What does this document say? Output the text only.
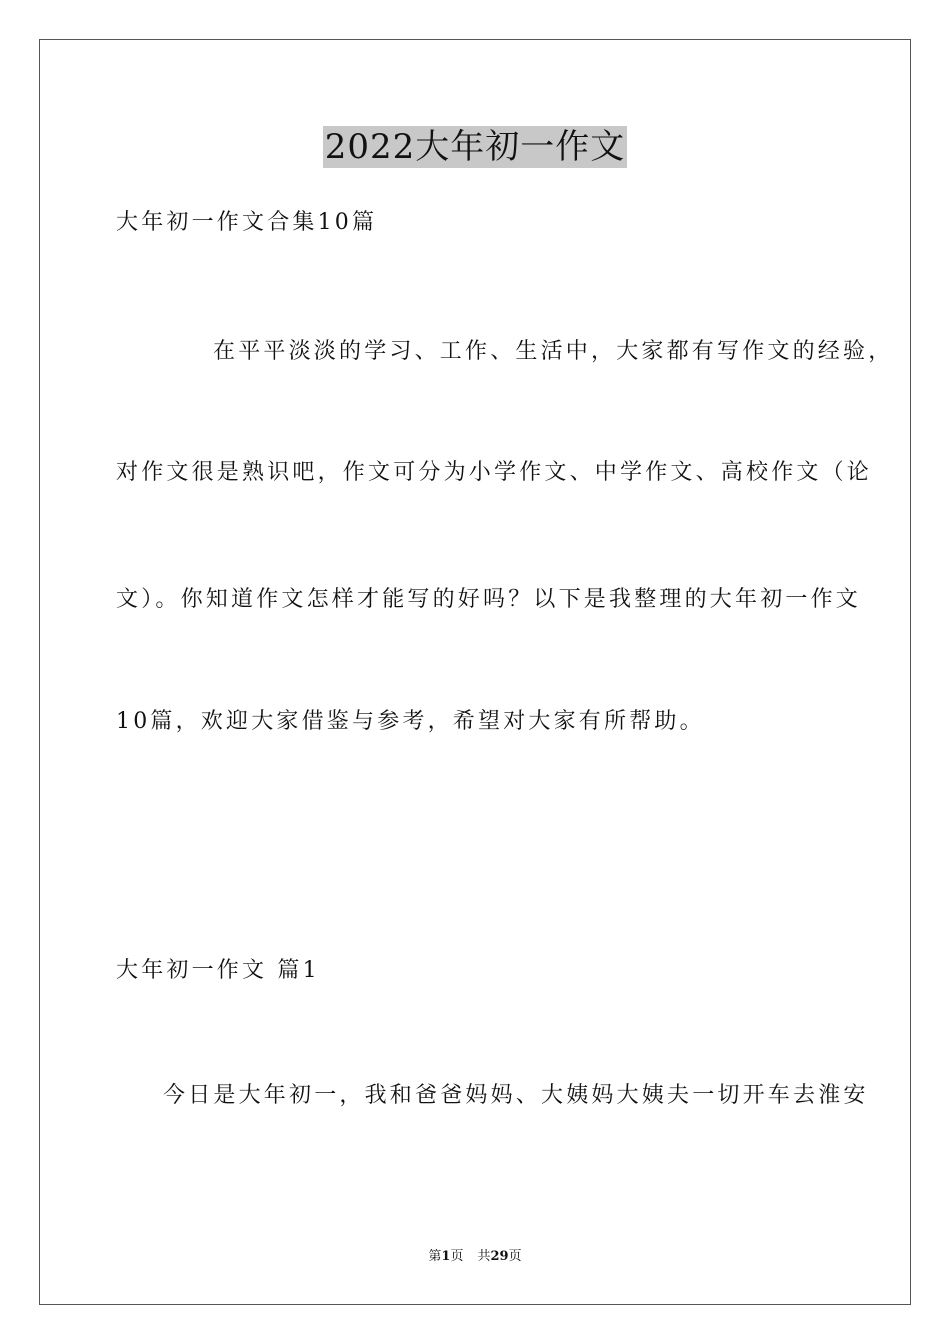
2022大年初一作文
大年初一作文合集10篇
在平平淡淡的学习、工作、生活中，大家都有写作文的经验，
对作文很是熟识吧，作文可分为小学作文、中学作文、高校作文（论
文）。你知道作文怎样才能写的好吗？以下是我整理的大年初一作文
10篇，欢迎大家借鉴与参考，希望对大家有所帮助。
大年初一作文 篇1
今日是大年初一，我和爸爸妈妈、大姨妈大姨夫一切开车去淮安
第1页 共29页
